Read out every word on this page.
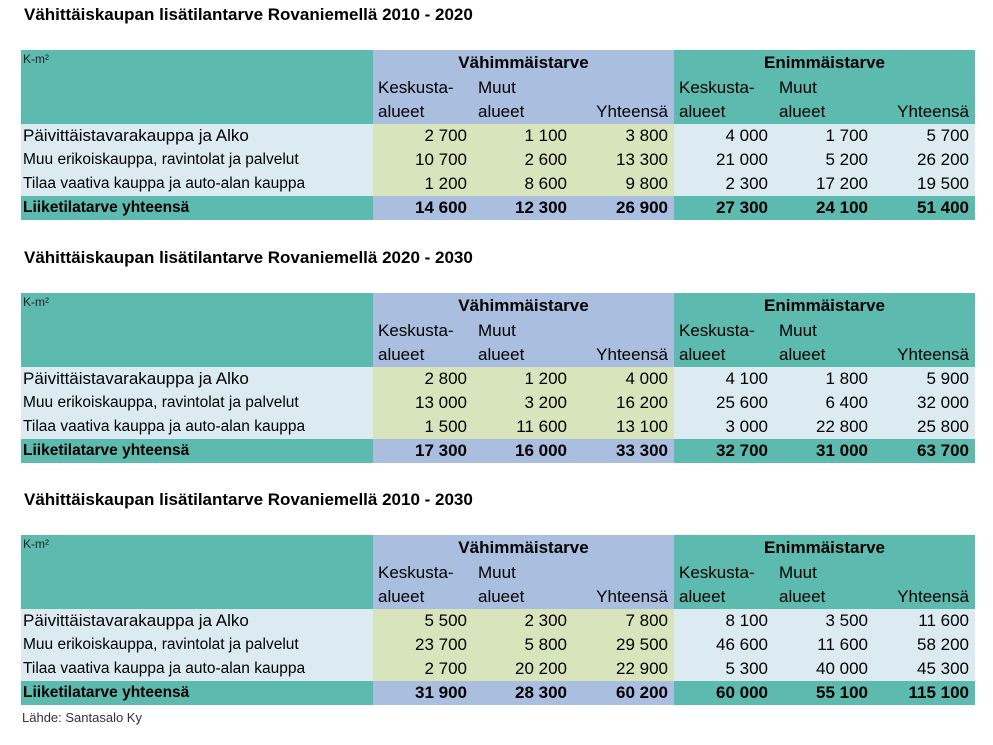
Vähittäiskaupan lisätilantarve Rovaniemellä 2010 - 2020
K-m²	Vähimmäistarve			Enimmäistarve		
	Keskusta-	Muut		Keskusta-	Muut	
	alueet	alueet	Yhteensä	alueet	alueet	Yhteensä
Päivittäistavarakauppa ja Alko	2 700	1 100	3 800	4 000	1 700	5 700
Muu erikoiskauppa, ravintolat ja palvelut	10 700	2 600	13 300	21 000	5 200	26 200
Tilaa vaativa kauppa ja auto-alan kauppa	1 200	8 600	9 800	2 300	17 200	19 500
Liiketilatarve yhteensä	14 600	12 300	26 900	27 300	24 100	51 400
Vähittäiskaupan lisätilantarve Rovaniemellä 2020 - 2030
K-m²	Vähimmäistarve			Enimmäistarve		
	Keskusta-	Muut		Keskusta-	Muut	
	alueet	alueet	Yhteensä	alueet	alueet	Yhteensä
Päivittäistavarakauppa ja Alko	2 800	1 200	4 000	4 100	1 800	5 900
Muu erikoiskauppa, ravintolat ja palvelut	13 000	3 200	16 200	25 600	6 400	32 000
Tilaa vaativa kauppa ja auto-alan kauppa	1 500	11 600	13 100	3 000	22 800	25 800
Liiketilatarve yhteensä	17 300	16 000	33 300	32 700	31 000	63 700
Vähittäiskaupan lisätilantarve Rovaniemellä 2010 - 2030
K-m²	Vähimmäistarve			Enimmäistarve		
	Keskusta-	Muut		Keskusta-	Muut	
	alueet	alueet	Yhteensä	alueet	alueet	Yhteensä
Päivittäistavarakauppa ja Alko	5 500	2 300	7 800	8 100	3 500	11 600
Muu erikoiskauppa, ravintolat ja palvelut	23 700	5 800	29 500	46 600	11 600	58 200
Tilaa vaativa kauppa ja auto-alan kauppa	2 700	20 200	22 900	5 300	40 000	45 300
Liiketilatarve yhteensä	31 900	28 300	60 200	60 000	55 100	115 100
Lähde: Santasalo Ky
